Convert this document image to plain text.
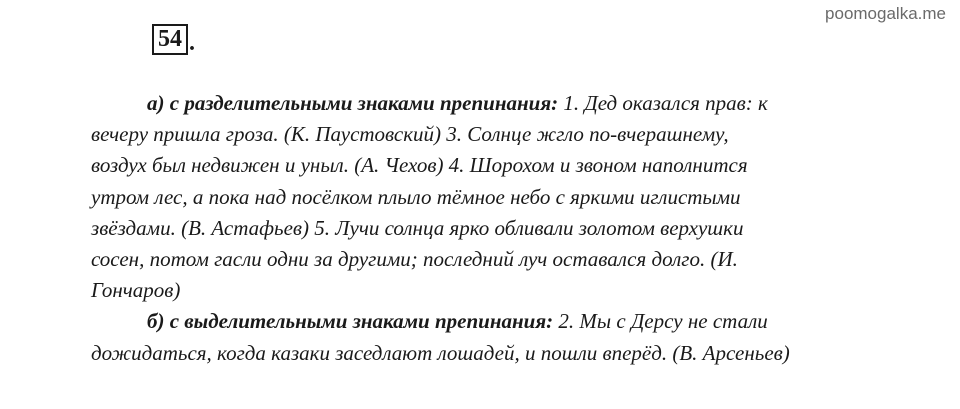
poomogalka.me
54 .
а) с разделительными знаками препинания: 1. Дед оказался прав: к
вечеру пришла гроза. (К. Паустовский) 3. Солнце жгло по-вчерашнему,
воздух был недвижен и уныл. (А. Чехов) 4. Шорохом и звоном наполнится
утром лес, а пока над посёлком плыло тёмное небо с яркими иглистыми
звёздами. (В. Астафьев) 5. Лучи солнца ярко обливали золотом верхушки
сосен, потом гасли одни за другими; последний луч оставался долго. (И.
Гончаров)
б) с выделительными знаками препинания: 2. Мы с Дерсу не стали
дожидаться, когда казаки заседлают лошадей, и пошли вперёд. (В. Арсеньев)
